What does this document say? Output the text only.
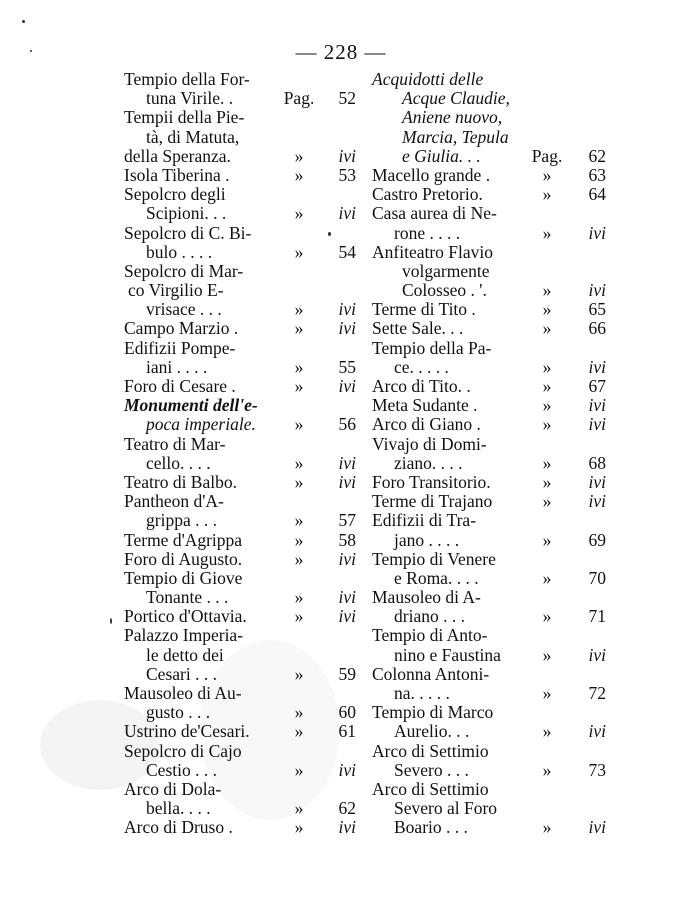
— 228 —
Tempio della For-
tuna Virile. .	Pag.	52
Tempii della Pie-
tà, di Matuta,
della Speranza.	»	ivi
Isola Tiberina .	»	53
Sepolcro degli
Scipioni. . .	»	ivi
Sepolcro di C. Bi-
bulo . . . .	»	54
Sepolcro di Mar-
co Virgilio E-
vrisace . . .	»	ivi
Campo Marzio .	»	ivi
Edifizii Pompe-
iani . . . .	»	55
Foro di Cesare .	»	ivi
Monumenti dell'e-
poca imperiale.	»	56
Teatro di Mar-
cello. . . .	»	ivi
Teatro di Balbo.	»	ivi
Pantheon d'A-
grippa . . .	»	57
Terme d'Agrippa	»	58
Foro di Augusto.	»	ivi
Tempio di Giove
Tonante . . .	»	ivi
Portico d'Ottavia.	»	ivi
Palazzo Imperia-
le detto dei
Cesari . . .	»	59
Mausoleo di Au-
gusto . . .	»	60
Ustrino de'Cesari.	»	61
Sepolcro di Cajo
Cestio . . .	»	ivi
Arco di Dola-
bella. . . .	»	62
Arco di Druso .	»	ivi
Acquidotti delle
Acque Claudie,
Aniene nuovo,
Marcia, Tepula
e Giulia. . .	Pag.	62
Macello grande .	»	63
Castro Pretorio.	»	64
Casa aurea di Ne-
rone . . . .	»	ivi
Anfiteatro Flavio
volgarmente
Colosseo . '.	»	ivi
Terme di Tito .	»	65
Sette Sale. . .	»	66
Tempio della Pa-
ce. . . . .	»	ivi
Arco di Tito. .	»	67
Meta Sudante .	»	ivi
Arco di Giano .	»	ivi
Vivajo di Domi-
ziano. . . .	»	68
Foro Transitorio.	»	ivi
Terme di Trajano	»	ivi
Edifizii di Tra-
jano . . . .	»	69
Tempio di Venere
e Roma. . . .	»	70
Mausoleo di A-
driano . . .	»	71
Tempio di Anto-
nino e Faustina	»	ivi
Colonna Antoni-
na. . . . .	»	72
Tempio di Marco
Aurelio. . .	»	ivi
Arco di Settimio
Severo . . .	»	73
Arco di Settimio
Severo al Foro
Boario . . .	»	ivi
